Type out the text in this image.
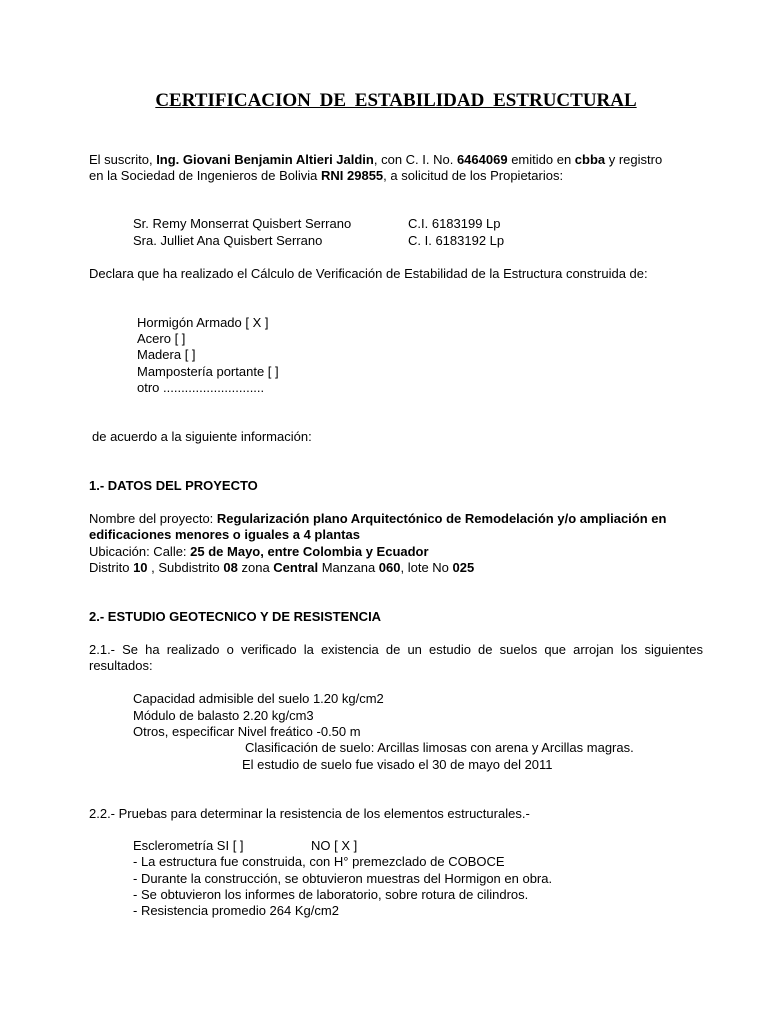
CERTIFICACION DE ESTABILIDAD ESTRUCTURAL
El suscrito, Ing. Giovani Benjamin Altieri Jaldin, con C. I. No. 6464069 emitido en cbba y registro
en la Sociedad de Ingenieros de Bolivia RNI 29855, a solicitud de los Propietarios:
Sr. Remy Monserrat Quisbert Serrano	C.I. 6183199 Lp
Sra. Julliet Ana Quisbert Serrano	C. I. 6183192 Lp
Declara que ha realizado el Cálculo de Verificación de Estabilidad de la Estructura construida de:
Hormigón Armado [ X ]
Acero [ ]
Madera [ ]
Mampostería portante [ ]
otro ............................
de acuerdo a la siguiente información:
1.- DATOS DEL PROYECTO
Nombre del proyecto: Regularización plano Arquitectónico de Remodelación y/o ampliación en
edificaciones menores o iguales a 4 plantas
Ubicación: Calle: 25 de Mayo, entre Colombia y Ecuador
Distrito 10 , Subdistrito 08 zona Central Manzana 060, lote No 025
2.- ESTUDIO GEOTECNICO Y DE RESISTENCIA
2.1.- Se ha realizado o verificado la existencia de un estudio de suelos que arrojan los siguientes
resultados:
Capacidad admisible del suelo 1.20 kg/cm2
Módulo de balasto 2.20 kg/cm3
Otros, especificar Nivel freático -0.50 m
Clasificación de suelo: Arcillas limosas con arena y Arcillas magras.
El estudio de suelo fue visado el 30 de mayo del 2011
2.2.- Pruebas para determinar la resistencia de los elementos estructurales.-
Esclerometría SI [ ]	NO [ X ]
- La estructura fue construida, con H° premezclado de COBOCE
- Durante la construcción, se obtuvieron muestras del Hormigon en obra.
- Se obtuvieron los informes de laboratorio, sobre rotura de cilindros.
- Resistencia promedio 264 Kg/cm2
